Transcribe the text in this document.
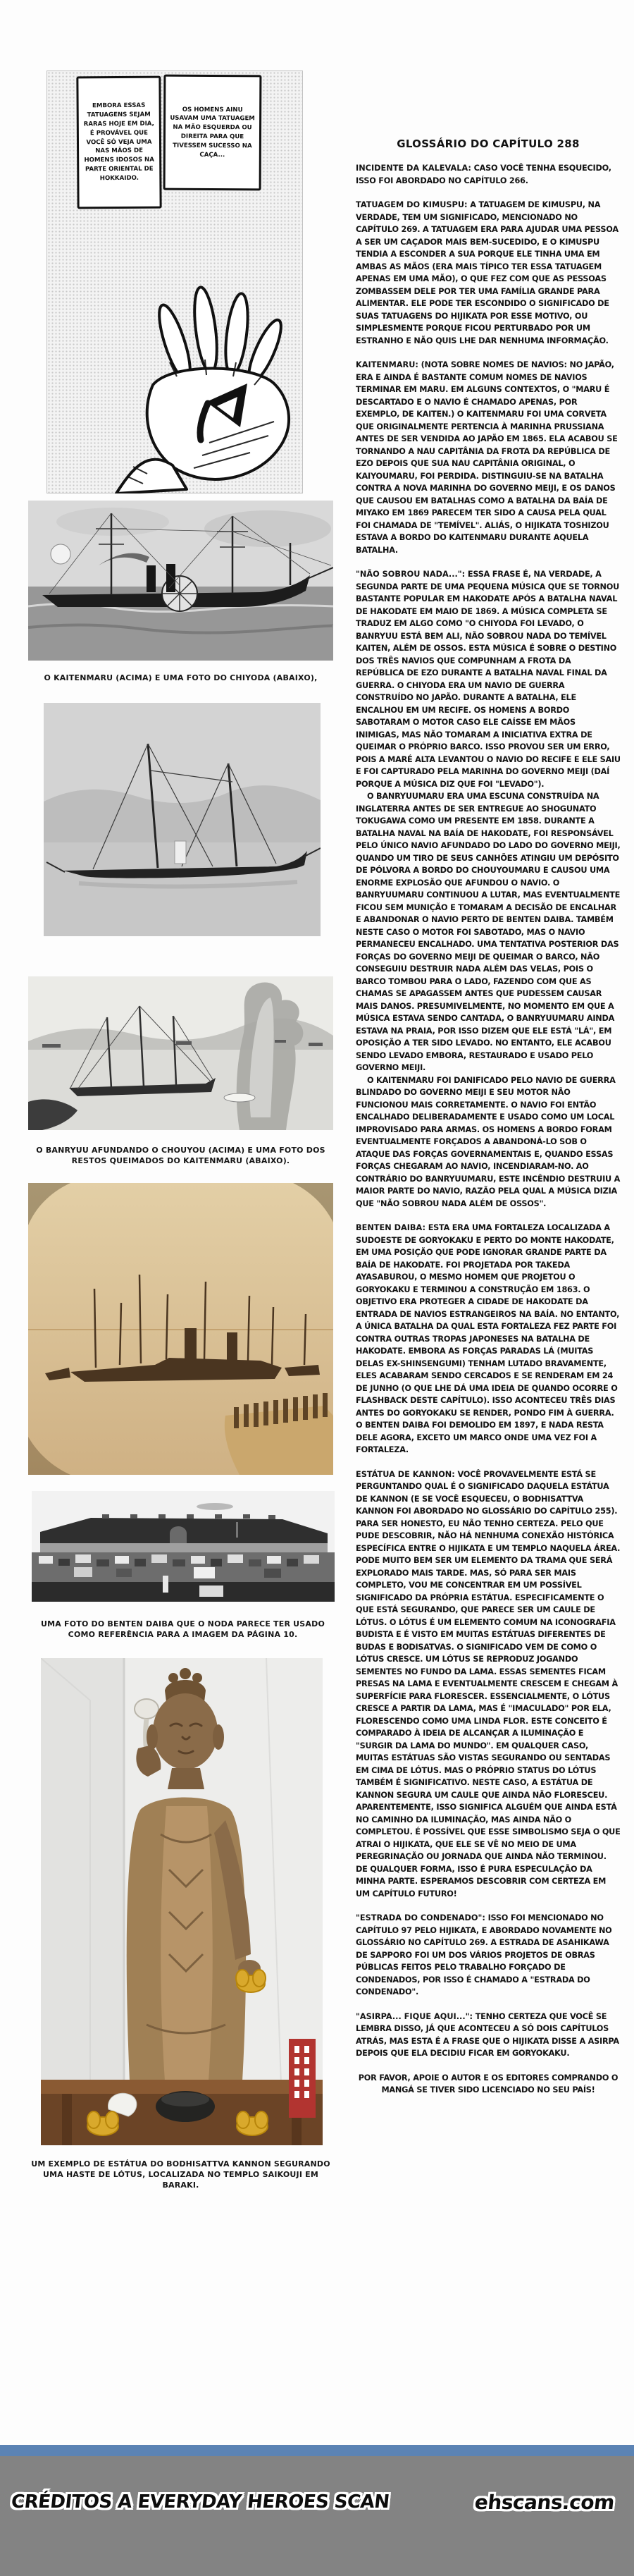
EMBORA ESSAS TATUAGENS SEJAM RARAS HOJE EM DIA, É PROVÁVEL QUE VOCÊ SÓ VEJA UMA NAS MÃOS DE HOMENS IDOSOS NA PARTE ORIENTAL DE HOKKAIDO.
OS HOMENS AINU USAVAM UMA TATUAGEM NA MÃO ESQUERDA OU DIREITA PARA QUE TIVESSEM SUCESSO NA CAÇA...
O KAITENMARU (ACIMA) E UMA FOTO DO CHIYODA (ABAIXO),
O BANRYUU AFUNDANDO O CHOUYOU (ACIMA) E UMA FOTO DOS RESTOS QUEIMADOS DO KAITENMARU (ABAIXO).
UMA FOTO DO BENTEN DAIBA QUE O NODA PARECE TER USADO COMO REFERÊNCIA PARA A IMAGEM DA PÁGINA 10.
UM EXEMPLO DE ESTÁTUA DO BODHISATTVA KANNON SEGURANDO UMA HASTE DE LÓTUS, LOCALIZADA NO TEMPLO SAIKOUJI EM BARAKI.
GLOSSÁRIO DO CAPÍTULO 288

INCIDENTE DA KALEVALA: CASO VOCÊ TENHA ESQUECIDO, ISSO FOI ABORDADO NO CAPÍTULO 266.

TATUAGEM DO KIMUSPU: A TATUAGEM DE KIMUSPU, NA VERDADE, TEM UM SIGNIFICADO, MENCIONADO NO CAPÍTULO 269. A TATUAGEM ERA PARA AJUDAR UMA PESSOA A SER UM CAÇADOR MAIS BEM-SUCEDIDO, E O KIMUSPU TENDIA A ESCONDER A SUA PORQUE ELE TINHA UMA EM AMBAS AS MÃOS (ERA MAIS TÍPICO TER ESSA TATUAGEM APENAS EM UMA MÃO), O QUE FEZ COM QUE AS PESSOAS ZOMBASSEM DELE POR TER UMA FAMÍLIA GRANDE PARA ALIMENTAR. ELE PODE TER ESCONDIDO O SIGNIFICADO DE SUAS TATUAGENS DO HIJIKATA POR ESSE MOTIVO, OU SIMPLESMENTE PORQUE FICOU PERTURBADO POR UM ESTRANHO E NÃO QUIS LHE DAR NENHUMA INFORMAÇÃO.

KAITENMARU: (NOTA SOBRE NOMES DE NAVIOS: NO JAPÃO, ERA E AINDA É BASTANTE COMUM NOMES DE NAVIOS TERMINAR EM MARU. EM ALGUNS CONTEXTOS, O "MARU É DESCARTADO E O NAVIO É CHAMADO APENAS, POR EXEMPLO, DE KAITEN.) O KAITENMARU FOI UMA CORVETA QUE ORIGINALMENTE PERTENCIA À MARINHA PRUSSIANA ANTES DE SER VENDIDA AO JAPÃO EM 1865. ELA ACABOU SE TORNANDO A NAU CAPITÂNIA DA FROTA DA REPÚBLICA DE EZO DEPOIS QUE SUA NAU CAPITÂNIA ORIGINAL, O KAIYOUMARU, FOI PERDIDA. DISTINGUIU-SE NA BATALHA CONTRA A NOVA MARINHA DO GOVERNO MEIJI, E OS DANOS QUE CAUSOU EM BATALHAS COMO A BATALHA DA BAÍA DE MIYAKO EM 1869 PARECEM TER SIDO A CAUSA PELA QUAL FOI CHAMADA DE "TEMÍVEL". ALIÁS, O HIJIKATA TOSHIZOU ESTAVA A BORDO DO KAITENMARU DURANTE AQUELA BATALHA.

"NÃO SOBROU NADA...": ESSA FRASE É, NA VERDADE, A SEGUNDA PARTE DE UMA PEQUENA MÚSICA QUE SE TORNOU BASTANTE POPULAR EM HAKODATE APÓS A BATALHA NAVAL DE HAKODATE EM MAIO DE 1869. A MÚSICA COMPLETA SE TRADUZ EM ALGO COMO "O CHIYODA FOI LEVADO, O BANRYUU ESTÁ BEM ALI, NÃO SOBROU NADA DO TEMÍVEL KAITEN, ALÉM DE OSSOS. ESTA MÚSICA É SOBRE O DESTINO DOS TRÊS NAVIOS QUE COMPUNHAM A FROTA DA REPÚBLICA DE EZO DURANTE A BATALHA NAVAL FINAL DA GUERRA. O CHIYODA ERA UM NAVIO DE GUERRA CONSTRUÍDO NO JAPÃO. DURANTE A BATALHA, ELE ENCALHOU EM UM RECIFE. OS HOMENS A BORDO SABOTARAM O MOTOR CASO ELE CAÍSSE EM MÃOS INIMIGAS, MAS NÃO TOMARAM A INICIATIVA EXTRA DE QUEIMAR O PRÓPRIO BARCO. ISSO PROVOU SER UM ERRO, POIS A MARÉ ALTA LEVANTOU O NAVIO DO RECIFE E ELE SAIU E FOI CAPTURADO PELA MARINHA DO GOVERNO MEIJI (DAÍ PORQUE A MÚSICA DIZ QUE FOI "LEVADO").

O BANRYUUMARU ERA UMA ESCUNA CONSTRUÍDA NA INGLATERRA ANTES DE SER ENTREGUE AO SHOGUNATO TOKUGAWA COMO UM PRESENTE EM 1858. DURANTE A BATALHA NAVAL NA BAÍA DE HAKODATE, FOI RESPONSÁVEL PELO ÚNICO NAVIO AFUNDADO DO LADO DO GOVERNO MEIJI, QUANDO UM TIRO DE SEUS CANHÕES ATINGIU UM DEPÓSITO DE PÓLVORA A BORDO DO CHOUYOUMARU E CAUSOU UMA ENORME EXPLOSÃO QUE AFUNDOU O NAVIO. O BANRYUUMARU CONTINUOU A LUTAR, MAS EVENTUALMENTE FICOU SEM MUNIÇÃO E TOMARAM A DECISÃO DE ENCALHAR E ABANDONAR O NAVIO PERTO DE BENTEN DAIBA. TAMBÉM NESTE CASO O MOTOR FOI SABOTADO, MAS O NAVIO PERMANECEU ENCALHADO. UMA TENTATIVA POSTERIOR DAS FORÇAS DO GOVERNO MEIJI DE QUEIMAR O BARCO, NÃO CONSEGUIU DESTRUIR NADA ALÉM DAS VELAS, POIS O BARCO TOMBOU PARA O LADO, FAZENDO COM QUE AS CHAMAS SE APAGASSEM ANTES QUE PUDESSEM CAUSAR MAIS DANOS. PRESUMIVELMENTE, NO MOMENTO EM QUE A MÚSICA ESTAVA SENDO CANTADA, O BANRYUUMARU AINDA ESTAVA NA PRAIA, POR ISSO DIZEM QUE ELE ESTÁ "LÁ", EM OPOSIÇÃO A TER SIDO LEVADO. NO ENTANTO, ELE ACABOU SENDO LEVADO EMBORA, RESTAURADO E USADO PELO GOVERNO MEIJI.

O KAITENMARU FOI DANIFICADO PELO NAVIO DE GUERRA BLINDADO DO GOVERNO MEIJI E SEU MOTOR NÃO FUNCIONOU MAIS CORRETAMENTE. O NAVIO FOI ENTÃO ENCALHADO DELIBERADAMENTE E USADO COMO UM LOCAL IMPROVISADO PARA ARMAS. OS HOMENS A BORDO FORAM EVENTUALMENTE FORÇADOS A ABANDONÁ-LO SOB O ATAQUE DAS FORÇAS GOVERNAMENTAIS E, QUANDO ESSAS FORÇAS CHEGARAM AO NAVIO, INCENDIARAM-NO. AO CONTRÁRIO DO BANRYUUMARU, ESTE INCÊNDIO DESTRUIU A MAIOR PARTE DO NAVIO, RAZÃO PELA QUAL A MÚSICA DIZIA QUE "NÃO SOBROU NADA ALÉM DE OSSOS".

BENTEN DAIBA: ESTA ERA UMA FORTALEZA LOCALIZADA A SUDOESTE DE GORYOKAKU E PERTO DO MONTE HAKODATE, EM UMA POSIÇÃO QUE PODE IGNORAR GRANDE PARTE DA BAÍA DE HAKODATE. FOI PROJETADA POR TAKEDA AYASABUROU, O MESMO HOMEM QUE PROJETOU O GORYOKAKU E TERMINOU A CONSTRUÇÃO EM 1863. O OBJETIVO ERA PROTEGER A CIDADE DE HAKODATE DA ENTRADA DE NAVIOS ESTRANGEIROS NA BAÍA. NO ENTANTO, A ÚNICA BATALHA DA QUAL ESTA FORTALEZA FEZ PARTE FOI CONTRA OUTRAS TROPAS JAPONESES NA BATALHA DE HAKODATE. EMBORA AS FORÇAS PARADAS LÁ (MUITAS DELAS EX-SHINSENGUMI) TENHAM LUTADO BRAVAMENTE, ELES ACABARAM SENDO CERCADOS E SE RENDERAM EM 24 DE JUNHO (O QUE LHE DÁ UMA IDEIA DE QUANDO OCORRE O FLASHBACK DESTE CAPÍTULO). ISSO ACONTECEU TRÊS DIAS ANTES DO GORYOKAKU SE RENDER, PONDO FIM À GUERRA. O BENTEN DAIBA FOI DEMOLIDO EM 1897, E NADA RESTA DELE AGORA, EXCETO UM MARCO ONDE UMA VEZ FOI A FORTALEZA.

ESTÁTUA DE KANNON: VOCÊ PROVAVELMENTE ESTÁ SE PERGUNTANDO QUAL É O SIGNIFICADO DAQUELA ESTÁTUA DE KANNON (E SE VOCÊ ESQUECEU, O BODHISATTVA KANNON FOI ABORDADO NO GLOSSÁRIO DO CAPÍTULO 255). PARA SER HONESTO, EU NÃO TENHO CERTEZA. PELO QUE PUDE DESCOBRIR, NÃO HÁ NENHUMA CONEXÃO HISTÓRICA ESPECÍFICA ENTRE O HIJIKATA E UM TEMPLO NAQUELA ÁREA. PODE MUITO BEM SER UM ELEMENTO DA TRAMA QUE SERÁ EXPLORADO MAIS TARDE. MAS, SÓ PARA SER MAIS COMPLETO, VOU ME CONCENTRAR EM UM POSSÍVEL SIGNIFICADO DA PRÓPRIA ESTÁTUA. ESPECIFICAMENTE O QUE ESTÁ SEGURANDO, QUE PARECE SER UM CAULE DE LÓTUS. O LÓTUS É UM ELEMENTO COMUM NA ICONOGRAFIA BUDISTA E É VISTO EM MUITAS ESTÁTUAS DIFERENTES DE BUDAS E BODISATVAS. O SIGNIFICADO VEM DE COMO O LÓTUS CRESCE. UM LÓTUS SE REPRODUZ JOGANDO SEMENTES NO FUNDO DA LAMA. ESSAS SEMENTES FICAM PRESAS NA LAMA E EVENTUALMENTE CRESCEM E CHEGAM À SUPERFÍCIE PARA FLORESCER. ESSENCIALMENTE, O LÓTUS CRESCE A PARTIR DA LAMA, MAS É "IMACULADO" POR ELA, FLORESCENDO COMO UMA LINDA FLOR. ESTE CONCEITO É COMPARADO À IDEIA DE ALCANÇAR A ILUMINAÇÃO E "SURGIR DA LAMA DO MUNDO". EM QUALQUER CASO, MUITAS ESTÁTUAS SÃO VISTAS SEGURANDO OU SENTADAS EM CIMA DE LÓTUS. MAS O PRÓPRIO STATUS DO LÓTUS TAMBÉM É SIGNIFICATIVO. NESTE CASO, A ESTÁTUA DE KANNON SEGURA UM CAULE QUE AINDA NÃO FLORESCEU. APARENTEMENTE, ISSO SIGNIFICA ALGUÉM QUE AINDA ESTÁ NO CAMINHO DA ILUMINAÇÃO, MAS AINDA NÃO O COMPLETOU. É POSSÍVEL QUE ESSE SIMBOLISMO SEJA O QUE ATRAI O HIJIKATA, QUE ELE SE VÊ NO MEIO DE UMA PEREGRINAÇÃO OU JORNADA QUE AINDA NÃO TERMINOU. DE QUALQUER FORMA, ISSO É PURA ESPECULAÇÃO DA MINHA PARTE. ESPERAMOS DESCOBRIR COM CERTEZA EM UM CAPÍTULO FUTURO!

"ESTRADA DO CONDENADO": ISSO FOI MENCIONADO NO CAPÍTULO 97 PELO HIJIKATA, E ABORDADO NOVAMENTE NO GLOSSÁRIO NO CAPÍTULO 269. A ESTRADA DE ASAHIKAWA DE SAPPORO FOI UM DOS VÁRIOS PROJETOS DE OBRAS PÚBLICAS FEITOS PELO TRABALHO FORÇADO DE CONDENADOS, POR ISSO É CHAMADO A "ESTRADA DO CONDENADO".

"ASIRPA... FIQUE AQUI...": TENHO CERTEZA QUE VOCÊ SE LEMBRA DISSO, JÁ QUE ACONTECEU A SÓ DOIS CAPÍTULOS ATRÁS, MAS ESTA É A FRASE QUE O HIJIKATA DISSE A ASIRPA DEPOIS QUE ELA DECIDIU FICAR EM GORYOKAKU.

POR FAVOR, APOIE O AUTOR E OS EDITORES COMPRANDO O MANGÁ SE TIVER SIDO LICENCIADO NO SEU PAÍS!

CRÉDITOS A EVERYDAY HEROES SCAN	ehscans.com
